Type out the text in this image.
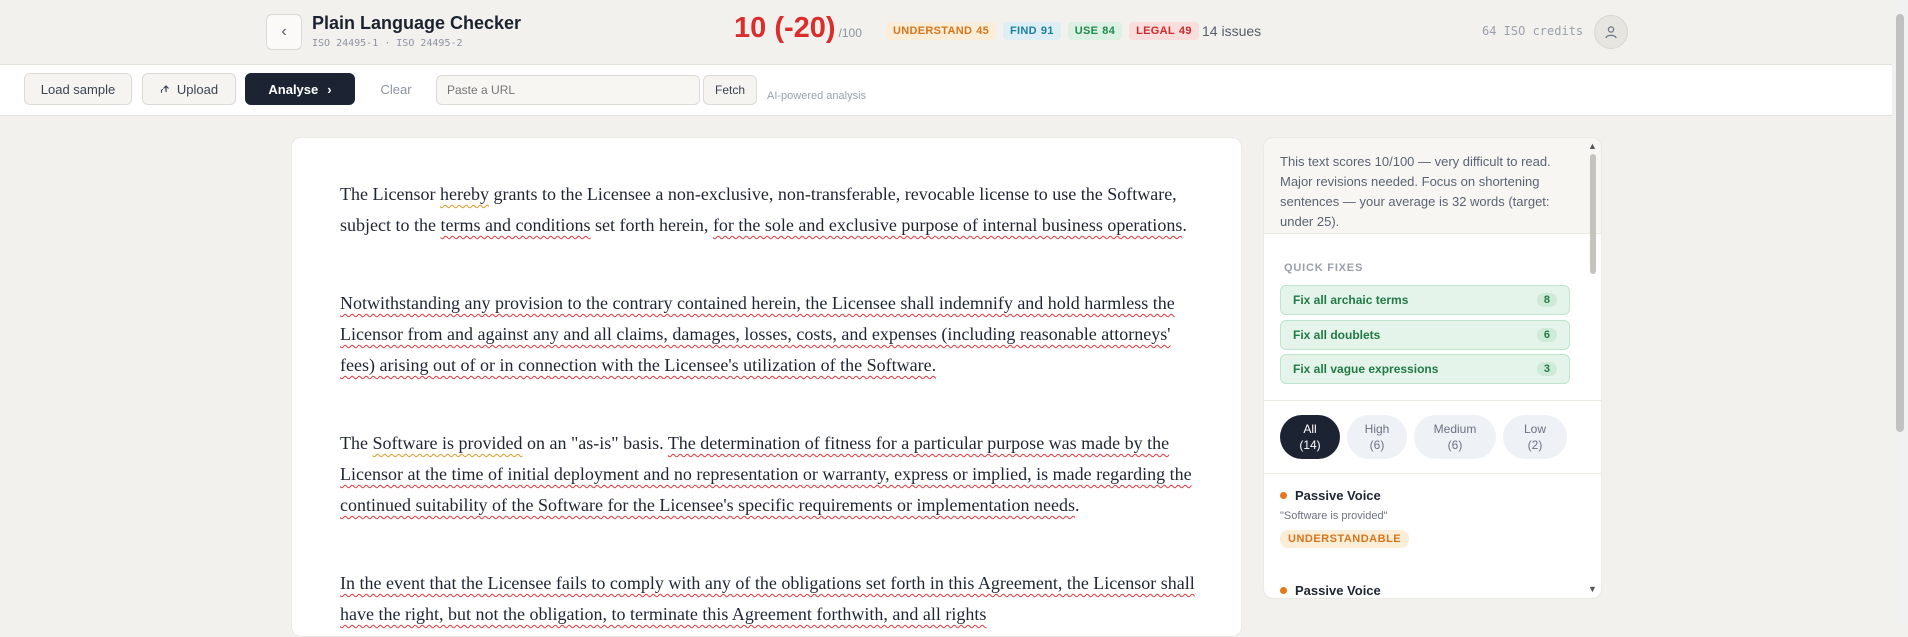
‹ Plain Language Checker
ISO 24495-1 · ISO 24495-2	10 (-20) /100	UNDERSTAND 45	FIND 91	USE 84	LEGAL 49 14 issues	64 ISO credits
Load sample	Upload	Analyse ›	Clear
Paste a URL	Fetch AI-powered analysis

The Licensor hereby grants to the Licensee a non-exclusive, non-transferable, revocable license to use the Software, subject to the terms and conditions set forth herein, for the sole and exclusive purpose of internal business operations.

Notwithstanding any provision to the contrary contained herein, the Licensee shall indemnify and hold harmless the Licensor from and against any and all claims, damages, losses, costs, and expenses (including reasonable attorneys' fees) arising out of or in connection with the Licensee's utilization of the Software.

The Software is provided on an "as-is" basis. The determination of fitness for a particular purpose was made by the Licensor at the time of initial deployment and no representation or warranty, express or implied, is made regarding the continued suitability of the Software for the Licensee's specific requirements or implementation needs.

In the event that the Licensee fails to comply with any of the obligations set forth in this Agreement, the Licensor shall have the right, but not the obligation, to terminate this Agreement forthwith, and all rights

This text scores 10/100 — very difficult to read. Major revisions needed. Focus on shortening sentences — your average is 32 words (target: under 25).
QUICK FIXES
Fix all archaic terms	8
Fix all doublets	6
Fix all vague expressions	3
All
(14)
High
(6)
Medium
(6)
Low
(2)
Passive Voice
"Software is provided"
UNDERSTANDABLE
Passive Voice
▲
▼
